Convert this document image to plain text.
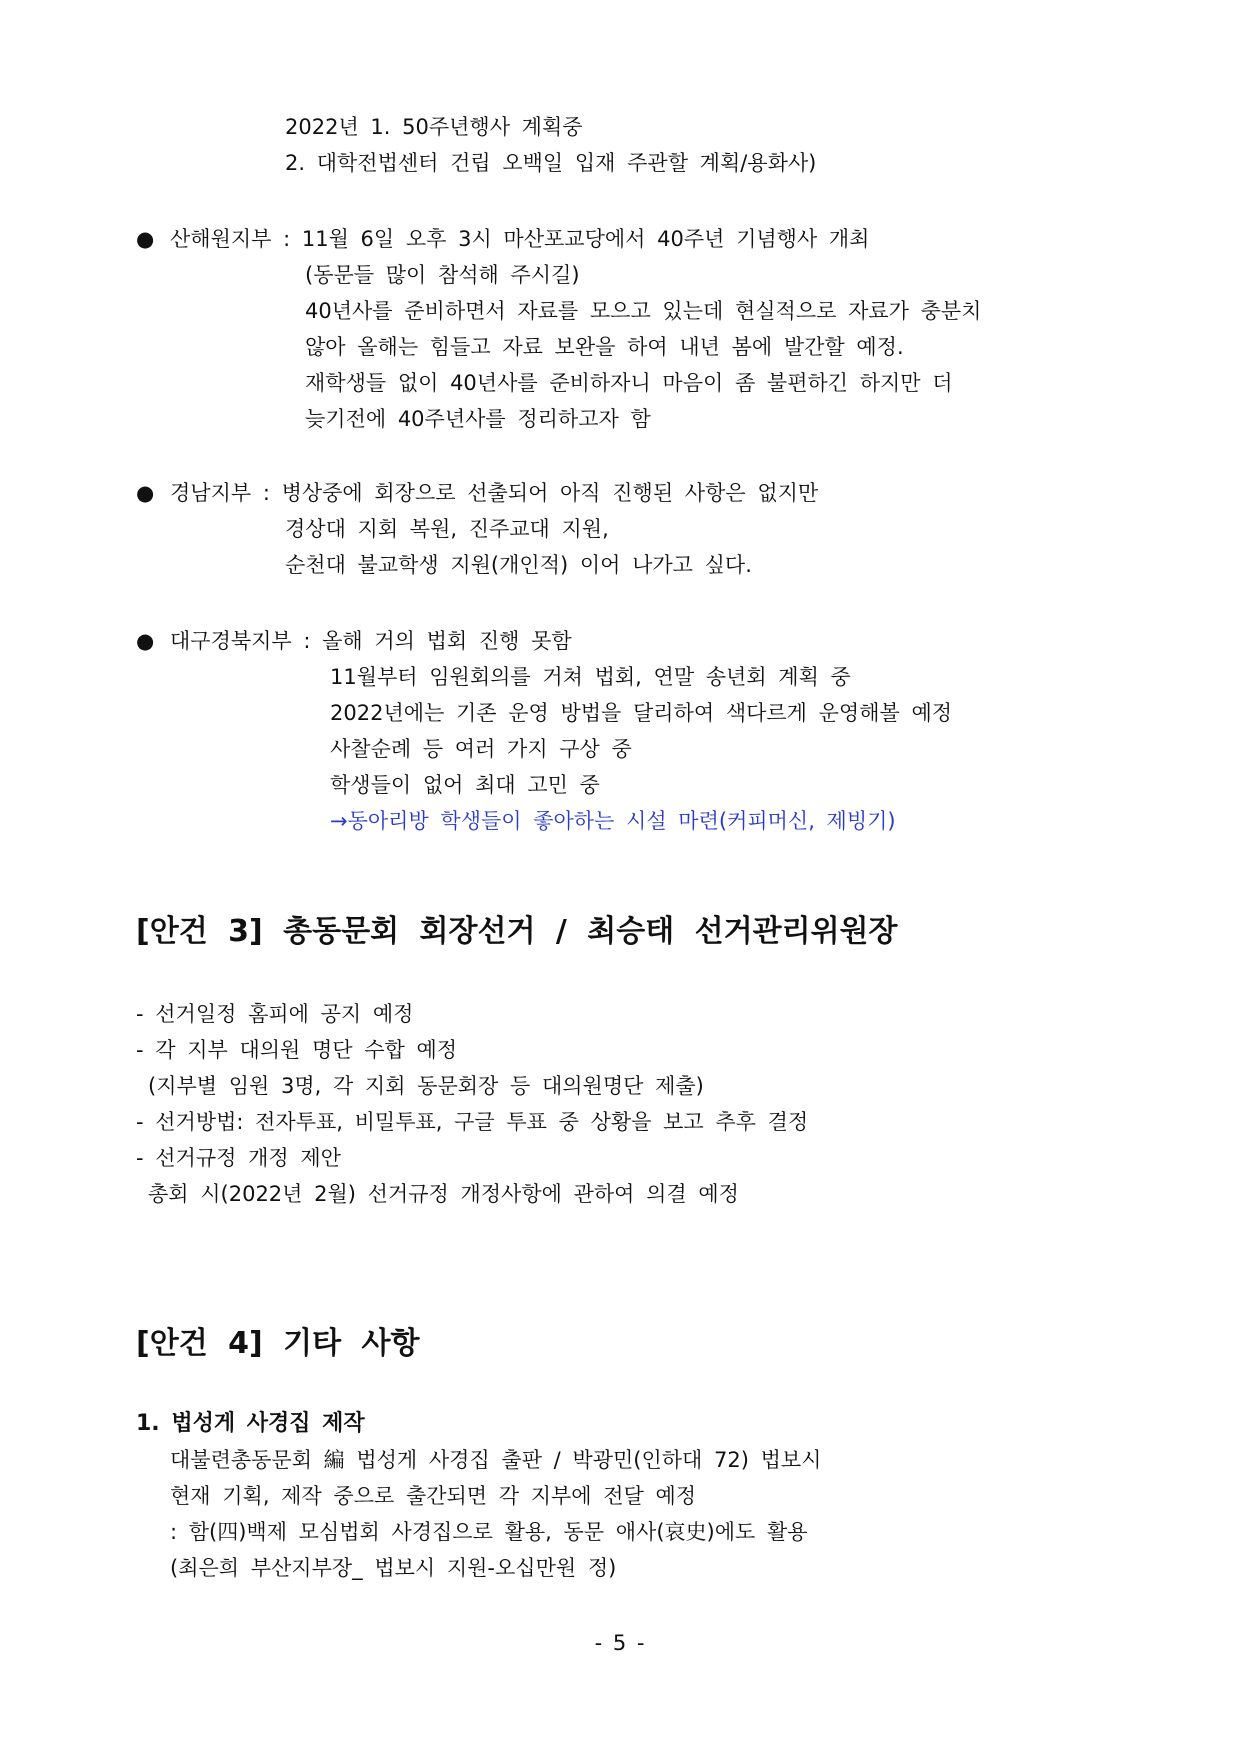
2022년 1. 50주년행사 계획중
2. 대학전법센터 건립 오백일 입재 주관할 계획/용화사)
● 산해원지부 : 11월 6일 오후 3시 마산포교당에서 40주년 기념행사 개최
(동문들 많이 참석해 주시길)
40년사를 준비하면서 자료를 모으고 있는데 현실적으로 자료가 충분치
않아 올해는 힘들고 자료 보완을 하여 내년 봄에 발간할 예정.
재학생들 없이 40년사를 준비하자니 마음이 좀 불편하긴 하지만 더
늦기전에 40주년사를 정리하고자 함
● 경남지부 : 병상중에 회장으로 선출되어 아직 진행된 사항은 없지만
경상대 지회 복원, 진주교대 지원,
순천대 불교학생 지원(개인적) 이어 나가고 싶다.
● 대구경북지부 : 올해 거의 법회 진행 못함
11월부터 임원회의를 거쳐 법회, 연말 송년회 계획 중
2022년에는 기존 운영 방법을 달리하여 색다르게 운영해볼 예정
사찰순례 등 여러 가지 구상 중
학생들이 없어 최대 고민 중
→동아리방 학생들이 좋아하는 시설 마련(커피머신, 제빙기)
[안건 3] 총동문회 회장선거 / 최승태 선거관리위원장
- 선거일정 홈피에 공지 예정
- 각 지부 대의원 명단 수합 예정
(지부별 임원 3명, 각 지회 동문회장 등 대의원명단 제출)
- 선거방법: 전자투표, 비밀투표, 구글 투표 중 상황을 보고 추후 결정
- 선거규정 개정 제안
총회 시(2022년 2월) 선거규정 개정사항에 관하여 의결 예정
[안건 4] 기타 사항
1. 법성게 사경집 제작
대불련총동문회 編 법성게 사경집 출판 / 박광민(인하대 72) 법보시
현재 기획, 제작 중으로 출간되면 각 지부에 전달 예정
: 함(四)백제 모심법회 사경집으로 활용, 동문 애사(哀史)에도 활용
(최은희 부산지부장_ 법보시 지원-오십만원 정)
- 5 -
